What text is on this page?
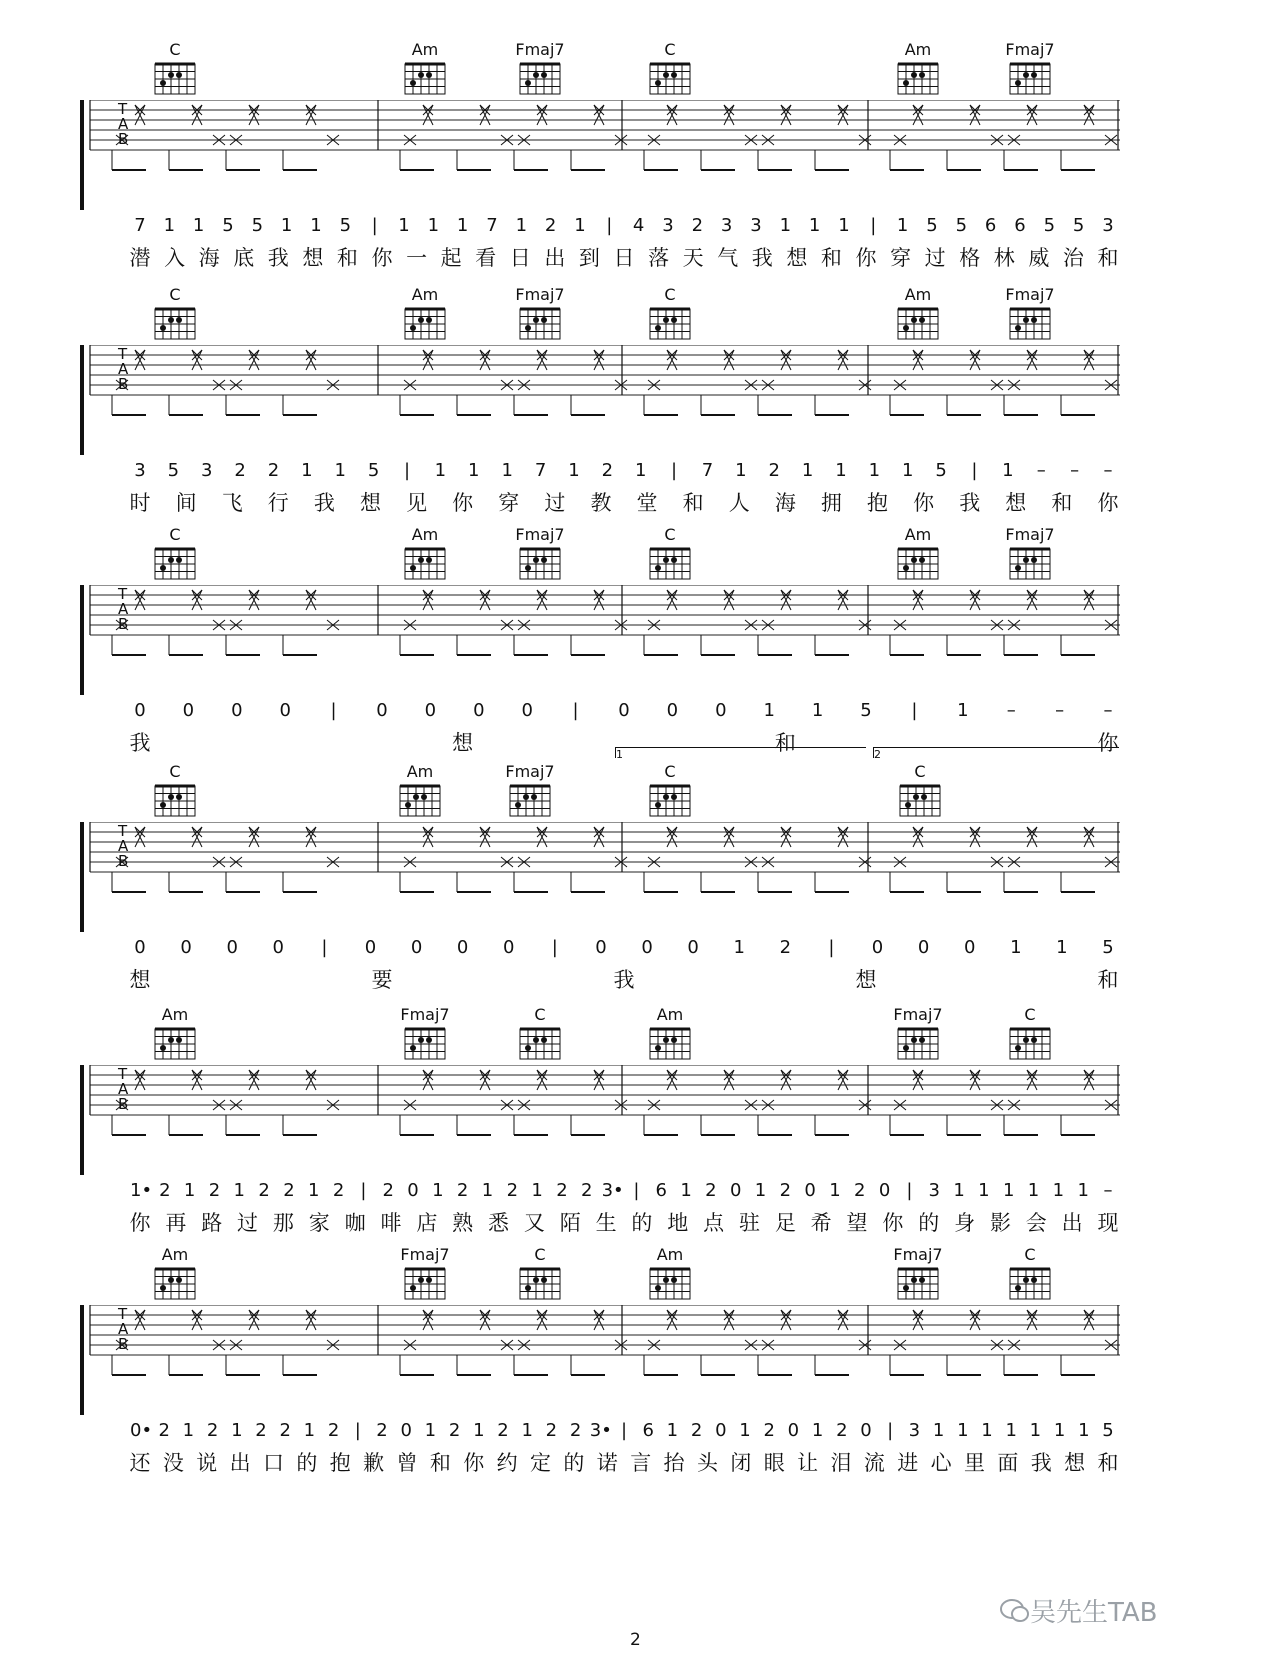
C	Am	Fmaj7	C	Am	Fmaj7
T
A
B
7 1 1 5 5 1 1 5	|	1 1 1 7 1 2 1	|	4 3 2 3 3 1 1 1	|	1 5 5 6 6 5 5 3
潜 入 海 底 我 想 和 你 一 起 看 日 出 到 日 落 天 气 我 想 和 你 穿 过 格 林 威 治 和
C	Am	Fmaj7	C	Am	Fmaj7
T
A
B
3 5 3 2 2 1 1 5	|	1 1 1 7 1 2 1	|	7 1 2 1 1 1 1 5	|	1	–	–	–
时 间 飞 行 我 想 见 你 穿 过 教 堂 和 人 海 拥 抱 你 我 想 和 你
C	Am	Fmaj7	C	Am	Fmaj7
T
A
B
0 0 0 0	|	0 0 0 0	|	0 0 0 1 1 5	|	1	–	–	–
我	想	和	你
C	Am	Fmaj7	C	C
T
A
B
1	2
0 0 0 0	|	0 0 0 0	|	0 0 0 1 2	|	0 0 0 1 1 5
想	要	我	想	和
Am	Fmaj7	C	Am	Fmaj7	C
T
A
B
1• 2 1 2 1 2 2 1 2 | 2 0 1 2 1 2 1 2 2 3• | 6 1 2 0 1 2 0 1 2 0 | 3 1 1 1 1 1 1 –
你 再 路 过 那 家 咖 啡 店 熟 悉 又 陌 生 的 地 点 驻 足 希 望 你 的 身 影 会 出 现
Am	Fmaj7	C	Am	Fmaj7	C
T
A
B
0• 2 1 2 1 2 2 1 2 | 2 0 1 2 1 2 1 2 2 3• | 6 1 2 0 1 2 0 1 2 0 | 3 1 1 1 1 1 1 1 5
还 没 说 出 口 的 抱 歉 曾 和 你 约 定 的 诺 言 抬 头 闭 眼 让 泪 流 进 心 里 面 我 想 和
2
吴先生TAB
